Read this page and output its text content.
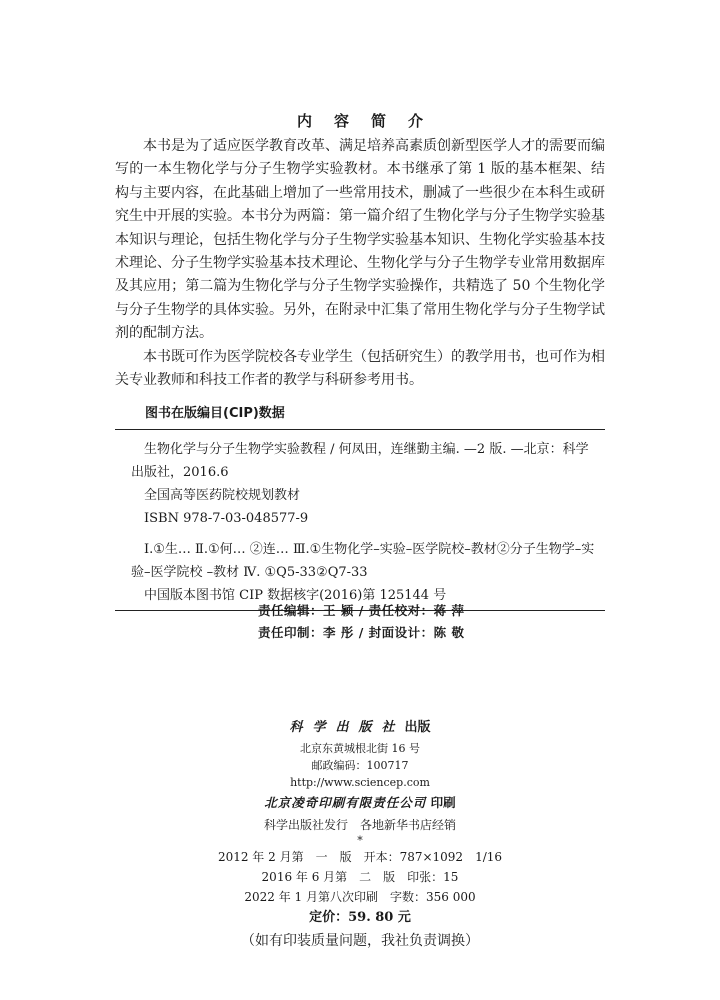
内容简介

本书是为了适应医学教育改革、满足培养高素质创新型医学人才的需要而编写的一本生物化学与分子生物学实验教材。本书继承了第 1 版的基本框架、结构与主要内容，在此基础上增加了一些常用技术，删减了一些很少在本科生或研究生中开展的实验。本书分为两篇：第一篇介绍了生物化学与分子生物学实验基本知识与理论，包括生物化学与分子生物学实验基本知识、生物化学实验基本技术理论、分子生物学实验基本技术理论、生物化学与分子生物学专业常用数据库及其应用；第二篇为生物化学与分子生物学实验操作，共精选了 50 个生物化学与分子生物学的具体实验。另外，在附录中汇集了常用生物化学与分子生物学试剂的配制方法。

本书既可作为医学院校各专业学生（包括研究生）的教学用书，也可作为相关专业教师和科技工作者的教学与科研参考用书。

图书在版编目(CIP)数据

生物化学与分子生物学实验教程 / 何凤田，连继勤主编. —2 版. —北京：科学出版社，2016.6

全国高等医药院校规划教材

ISBN 978-7-03-048577-9

Ⅰ.①生… Ⅱ.①何… ②连… Ⅲ.①生物化学–实验–医学院校–教材②分子生物学–实验–医学院校 –教材 Ⅳ. ①Q5-33②Q7-33

中国版本图书馆 CIP 数据核字(2016)第 125144 号

责任编辑：王 颖 / 责任校对：蒋 萍
责任印制：李 彤 / 封面设计：陈 敬
科学出版社出版
北京东黄城根北街 16 号
邮政编码：100717
http://www.sciencep.com
北京凌奇印刷有限责任公司 印刷
科学出版社发行　各地新华书店经销
*
2012 年 2 月第　一　版　开本：787×1092　1/16
2016 年 6 月第　二　版　印张：15
2022 年 1 月第八次印刷　字数：356 000
定价：59. 80 元
（如有印装质量问题，我社负责调换）
